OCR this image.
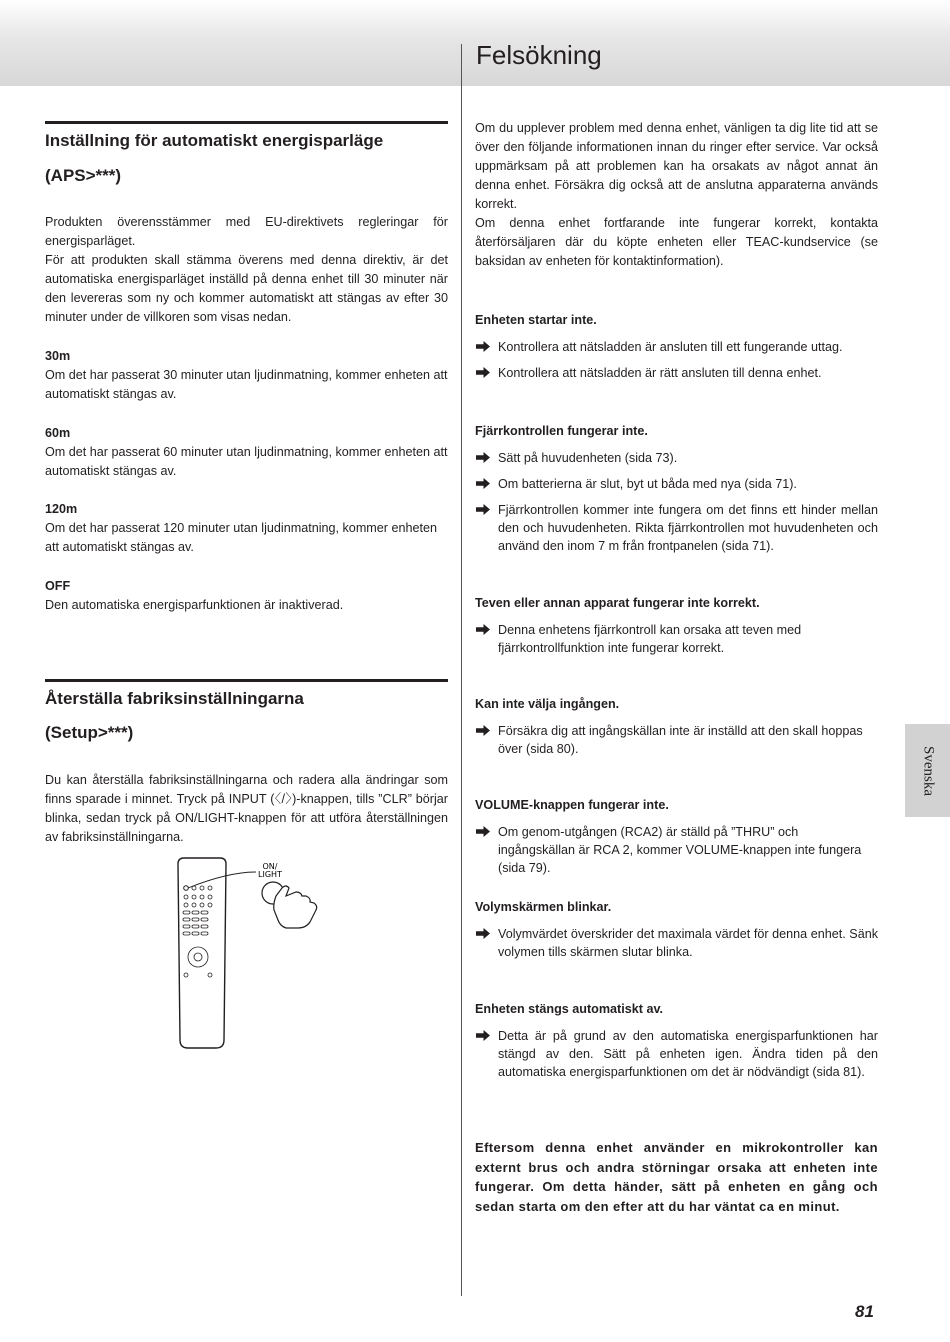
Felsökning
Inställning för automatiskt energisparläge
(APS>***)

Produkten överensstämmer med EU-direktivets regleringar för energisparläget.

För att produkten skall stämma överens med denna direktiv, är det automatiska energisparläget inställd på denna enhet till 30 minuter när den levereras som ny och kommer automatiskt att stängas av efter 30 minuter under de villkoren som visas nedan.

30m
Om det har passerat 30 minuter utan ljudinmatning, kommer enheten att automatiskt stängas av.
60m
Om det har passerat 60 minuter utan ljudinmatning, kommer enheten att automatiskt stängas av.
120m
Om det har passerat 120 minuter utan ljudinmatning, kommer enheten att automatiskt stängas av.
OFF
Den automatiska energisparfunktionen är inaktiverad.
Återställa fabriksinställningarna
(Setup>***)
Du kan återställa fabriksinställningarna och radera alla ändringar som finns sparade i minnet. Tryck på INPUT (〈/〉)-knappen, tills ”CLR” börjar blinka, sedan tryck på ON/LIGHT-knappen för att utföra återställningen av fabriksinställningarna.
ON/
LIGHT

Om du upplever problem med denna enhet, vänligen ta dig lite tid att se över den följande informationen innan du ringer efter service. Var också uppmärksam på att problemen kan ha orsakats av något annat än denna enhet. Försäkra dig också att de anslutna apparaterna används korrekt.

Om denna enhet fortfarande inte fungerar korrekt, kontakta återförsäljaren där du köpte enheten eller TEAC-kundservice (se baksidan av enheten för kontaktinformation).

Enheten startar inte.
Kontrollera att nätsladden är ansluten till ett fungerande uttag.
Kontrollera att nätsladden är rätt ansluten till denna enhet.
Fjärrkontrollen fungerar inte.
Sätt på huvudenheten (sida 73).
Om batterierna är slut, byt ut båda med nya (sida 71).
Fjärrkontrollen kommer inte fungera om det finns ett hinder mellan den och huvudenheten. Rikta fjärrkontrollen mot huvudenheten och använd den inom 7 m från frontpanelen (sida 71).
Teven eller annan apparat fungerar inte korrekt.
Denna enhetens fjärrkontroll kan orsaka att teven med fjärrkontrollfunktion inte fungerar korrekt.
Kan inte välja ingången.
Försäkra dig att ingångskällan inte är inställd att den skall hoppas över (sida 80).
VOLUME-knappen fungerar inte.
Om genom-utgången (RCA2) är ställd på ”THRU” och ingångskällan är RCA 2, kommer VOLUME-knappen inte fungera (sida 79).
Volymskärmen blinkar.
Volymvärdet överskrider det maximala värdet för denna enhet. Sänk volymen tills skärmen slutar blinka.
Enheten stängs automatiskt av.
Detta är på grund av den automatiska energisparfunktionen har stängd av den. Sätt på enheten igen. Ändra tiden på den automatiska energisparfunktionen om det är nödvändigt (sida 81).
Eftersom denna enhet använder en mikrokontroller kan externt brus och andra störningar orsaka att enheten inte fungerar. Om detta händer, sätt på enheten en gång och sedan starta om den efter att du har väntat ca en minut.
Svenska
81
